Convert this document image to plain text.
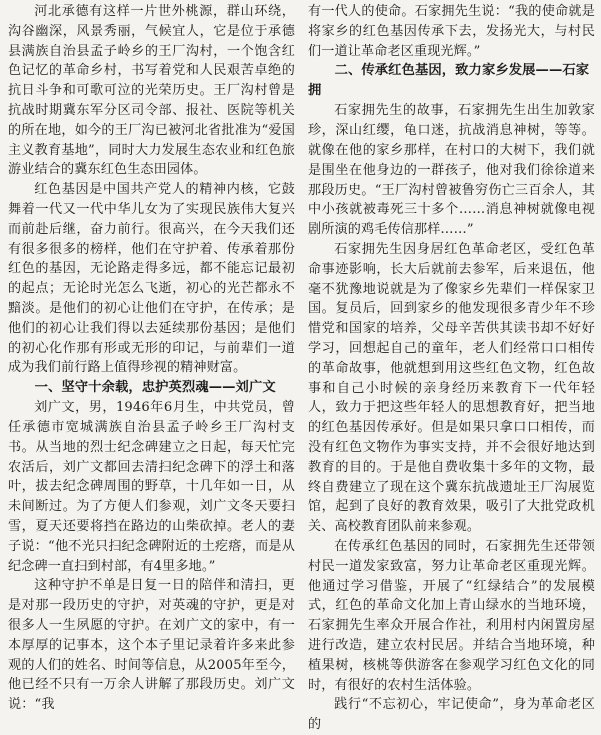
河北承德有这样一片世外桃源，群山环绕，沟谷幽深，风景秀丽，气候宜人，它是位于承德县满族自治县孟子岭乡的王厂沟村，一个饱含红色记忆的革命乡村，书写着党和人民艰苦卓绝的抗日斗争和可歌可泣的光荣历史。王厂沟村曾是抗战时期冀东军分区司令部、报社、医院等机关的所在地，如今的王厂沟已被河北省批准为“爱国主义教育基地”，同时大力发展生态农业和红色旅游业结合的冀东红色生态田园体。

红色基因是中国共产党人的精神内核，它鼓舞着一代又一代中华儿女为了实现民族伟大复兴而前赴后继，奋力前行。很高兴，在今天我们还有很多很多的榜样，他们在守护着、传承着那份红色的基因，无论路走得多远，都不能忘记最初的起点；无论时光怎么飞逝，初心的光芒都永不黯淡。是他们的初心让他们在守护，在传承；是他们的初心让我们得以去延续那份基因；是他们的初心化作那有形或无形的印记，与前辈们一道成为我们前行路上值得珍视的精神财富。

一、坚守十余载，忠护英烈魂——刘广文

刘广文，男，1946年6月生，中共党员，曾任承德市宽城满族自治县孟子岭乡王厂沟村支书。从当地的烈士纪念碑建立之日起，每天忙完农活后，刘广文都回去清扫纪念碑下的浮土和落叶，拔去纪念碑周围的野草，十几年如一日，从未间断过。为了方便人们参观，刘广文冬天要扫雪，夏天还要将挡在路边的山柴砍掉。老人的妻子说：“他不光只扫纪念碑附近的土疙瘩，而是从纪念碑一直扫到村部，有4里多地。”

这种守护不单是日复一日的陪伴和清扫，更是对那一段历史的守护，对英魂的守护，更是对很多人一生夙愿的守护。在刘广文的家中，有一本厚厚的记事本，这个本子里记录着许多来此参观的人们的姓名、时间等信息，从2005年至今，他已经不只有一万余人讲解了那段历史。刘广文说：“我

有一代人的使命。石家拥先生说：“我的使命就是将家乡的红色基因传承下去，发扬光大，与村民们一道让革命老区重现光辉。”

二、传承红色基因，致力家乡发展——石家拥

石家拥先生的故事，石家拥先生出生加敦家珍，深山红缨，龟口迷，抗战消息神树，等等。就像在他的家乡那样，在村口的大树下，我们就是围坐在他身边的一群孩子，他对我们徐徐道来那段历史。“王厂沟村曾被鲁穷伤亡三百余人，其中小孩就被毒死三十多个……消息神树就像电视剧所演的鸡毛传信那样……”

石家拥先生因身居红色革命老区，受红色革命事迹影响，长大后就前去参军，后来退伍，他毫不犹豫地说就是为了像家乡先辈们一样保家卫国。复员后，回到家乡的他发现很多青少年不珍惜党和国家的培养，父母辛苦供其读书却不好好学习，回想起自己的童年，老人们经常口口相传的革命故事，他就想到用这些红色文物，红色故事和自己小时候的亲身经历来教育下一代年轻人，致力于把这些年轻人的思想教育好，把当地的红色基因传承好。但是如果只拿口口相传，而没有红色文物作为事实支持，并不会很好地达到教育的目的。于是他自费收集十多年的文物，最终自费建立了现在这个冀东抗战遗址王厂沟展览馆，起到了良好的教育效果，吸引了大批党政机关、高校教育团队前来参观。

在传承红色基因的同时，石家拥先生还带领村民一道发家致富，努力让革命老区重现光辉。他通过学习借鉴，开展了“红绿结合”的发展模式，红色的革命文化加上青山绿水的当地环境，石家拥先生率众开展合作社，利用村内闲置房屋进行改造，建立农村民居。并结合当地环境，种植果树，核桃等供游客在参观学习红色文化的同时，有很好的农村生活体验。

践行“不忘初心，牢记使命”，身为革命老区的
